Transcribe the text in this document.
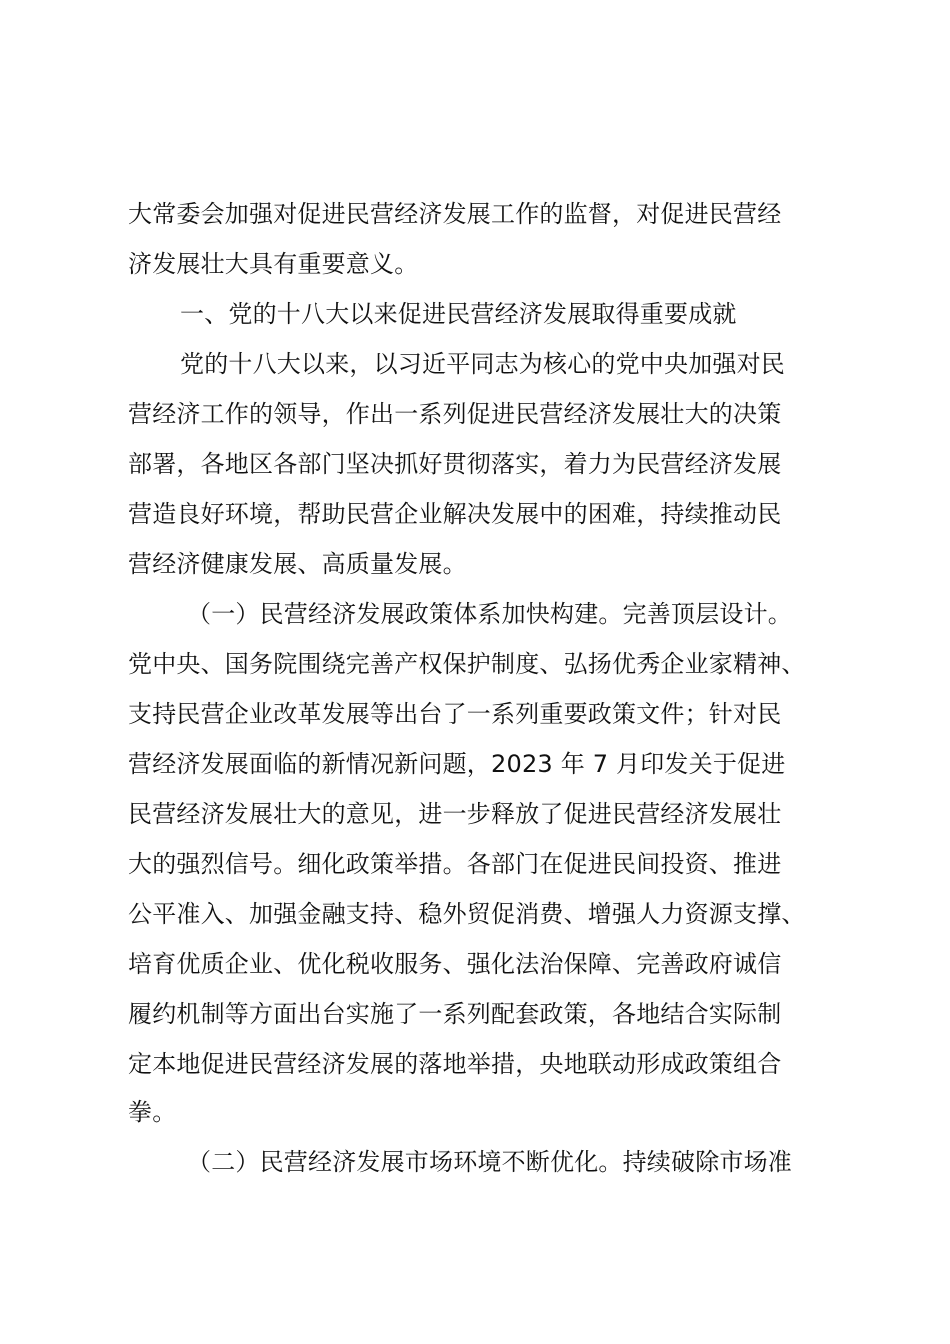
大常委会加强对促进民营经济发展工作的监督，对促进民营经
济发展壮大具有重要意义。
一、党的十八大以来促进民营经济发展取得重要成就
党的十八大以来，以习近平同志为核心的党中央加强对民
营经济工作的领导，作出一系列促进民营经济发展壮大的决策
部署，各地区各部门坚决抓好贯彻落实，着力为民营经济发展
营造良好环境，帮助民营企业解决发展中的困难，持续推动民
营经济健康发展、高质量发展。
（一）民营经济发展政策体系加快构建。完善顶层设计。
党中央、国务院围绕完善产权保护制度、弘扬优秀企业家精神、
支持民营企业改革发展等出台了一系列重要政策文件；针对民
营经济发展面临的新情况新问题，2023 年 7 月印发关于促进
民营经济发展壮大的意见，进一步释放了促进民营经济发展壮
大的强烈信号。细化政策举措。各部门在促进民间投资、推进
公平准入、加强金融支持、稳外贸促消费、增强人力资源支撑、
培育优质企业、优化税收服务、强化法治保障、完善政府诚信
履约机制等方面出台实施了一系列配套政策，各地结合实际制
定本地促进民营经济发展的落地举措，央地联动形成政策组合
拳。
（二）民营经济发展市场环境不断优化。持续破除市场准
